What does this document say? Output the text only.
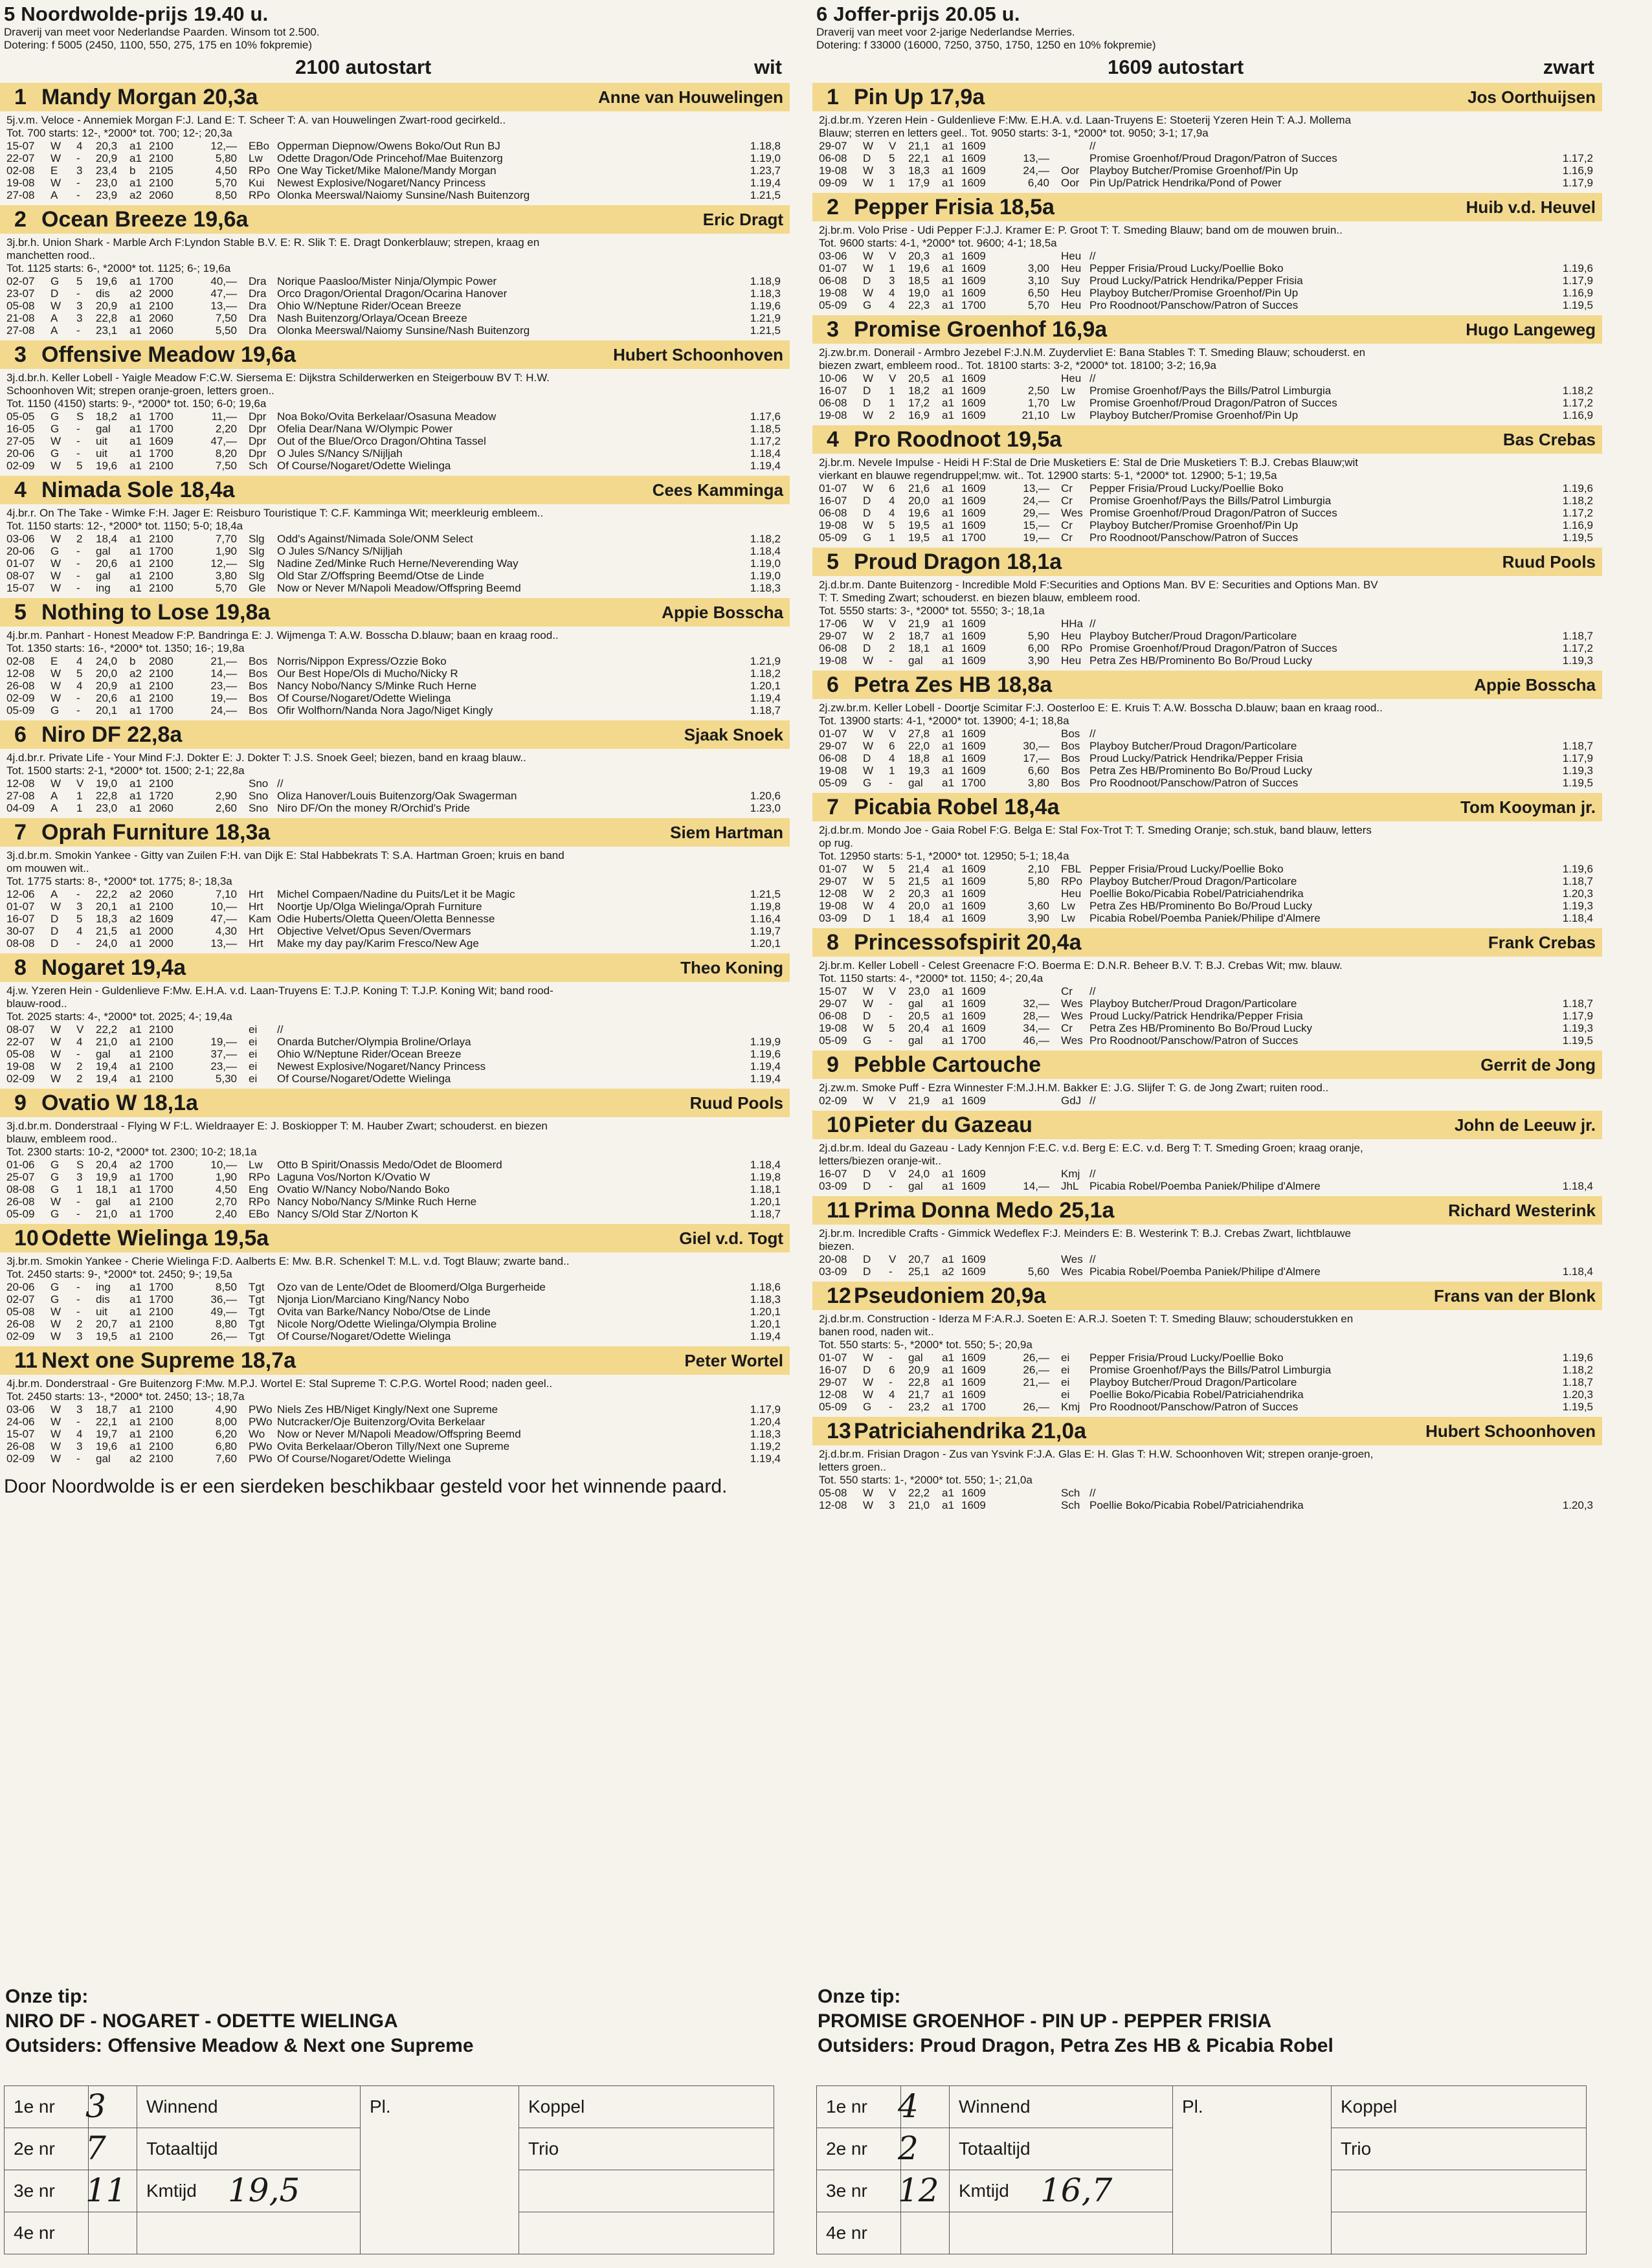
5 Noordwolde-prijs 19.40 u.
Draverij van meet voor Nederlandse Paarden. Winsom tot 2.500.
Dotering: f 5005 (2450, 1100, 550, 275, 175 en 10% fokpremie)
2100 autostart	wit
1 Mandy Morgan 20,3a	Anne van Houwelingen
5j.v.m. Veloce - Annemiek Morgan F:J. Land E: T. Scheer T: A. van Houwelingen Zwart-rood gecirkeld..
Tot. 700 starts: 12-, *2000* tot. 700; 12-; 20,3a
15-07	W	4	20,3	a1	2100	12,—	EBo	Opperman Diepnow/Owens Boko/Out Run BJ	1.18,8
22-07	W	-	20,9	a1	2100	5,80	Lw	Odette Dragon/Ode Princehof/Mae Buitenzorg	1.19,0
02-08	E	3	23,4	b	2105	4,50	RPo	One Way Ticket/Mike Malone/Mandy Morgan	1.23,7
19-08	W	-	23,0	a1	2100	5,70	Kui	Newest Explosive/Nogaret/Nancy Princess	1.19,4
27-08	A	-	23,9	a2	2060	8,50	RPo	Olonka Meerswal/Naiomy Sunsine/Nash Buitenzorg	1.21,5
2 Ocean Breeze 19,6a	Eric Dragt
3j.br.h. Union Shark - Marble Arch F:Lyndon Stable B.V. E: R. Slik T: E. Dragt Donkerblauw; strepen, kraag en
manchetten rood..
Tot. 1125 starts: 6-, *2000* tot. 1125; 6-; 19,6a
02-07	G	5	19,6	a1	1700	40,—	Dra	Norique Paasloo/Mister Ninja/Olympic Power	1.18,9
23-07	D	-	dis	a2	2000	47,—	Dra	Orco Dragon/Oriental Dragon/Ocarina Hanover	1.18,3
05-08	W	3	20,9	a1	2100	13,—	Dra	Ohio W/Neptune Rider/Ocean Breeze	1.19,6
21-08	A	3	22,8	a1	2060	7,50	Dra	Nash Buitenzorg/Orlaya/Ocean Breeze	1.21,9
27-08	A	-	23,1	a1	2060	5,50	Dra	Olonka Meerswal/Naiomy Sunsine/Nash Buitenzorg	1.21,5
3 Offensive Meadow 19,6a	Hubert Schoonhoven
3j.d.br.h. Keller Lobell - Yaigle Meadow F:C.W. Siersema E: Dijkstra Schilderwerken en Steigerbouw BV T: H.W.
Schoonhoven Wit; strepen oranje-groen, letters groen..
Tot. 1150 (4150) starts: 9-, *2000* tot. 150; 6-0; 19,6a
05-05	G	S	18,2	a1	1700	11,—	Dpr	Noa Boko/Ovita Berkelaar/Osasuna Meadow	1.17,6
16-05	G	-	gal	a1	1700	2,20	Dpr	Ofelia Dear/Nana W/Olympic Power	1.18,5
27-05	W	-	uit	a1	1609	47,—	Dpr	Out of the Blue/Orco Dragon/Ohtina Tassel	1.17,2
20-06	G	-	uit	a1	1700	8,20	Dpr	O Jules S/Nancy S/Nijljah	1.18,4
02-09	W	5	19,6	a1	2100	7,50	Sch	Of Course/Nogaret/Odette Wielinga	1.19,4
4 Nimada Sole 18,4a	Cees Kamminga
4j.br.r. On The Take - Wimke F:H. Jager E: Reisburo Touristique T: C.F. Kamminga Wit; meerkleurig embleem..
Tot. 1150 starts: 12-, *2000* tot. 1150; 5-0; 18,4a
03-06	W	2	18,4	a1	2100	7,70	Slg	Odd's Against/Nimada Sole/ONM Select	1.18,2
20-06	G	-	gal	a1	1700	1,90	Slg	O Jules S/Nancy S/Nijljah	1.18,4
01-07	W	-	20,6	a1	2100	12,—	Slg	Nadine Zed/Minke Ruch Herne/Neverending Way	1.19,0
08-07	W	-	gal	a1	2100	3,80	Slg	Old Star Z/Offspring Beemd/Otse de Linde	1.19,0
15-07	W	-	ing	a1	2100	5,70	Gle	Now or Never M/Napoli Meadow/Offspring Beemd	1.18,3
5 Nothing to Lose 19,8a	Appie Bosscha
4j.br.m. Panhart - Honest Meadow F:P. Bandringa E: J. Wijmenga T: A.W. Bosscha D.blauw; baan en kraag rood..
Tot. 1350 starts: 16-, *2000* tot. 1350; 16-; 19,8a
02-08	E	4	24,0	b	2080	21,—	Bos	Norris/Nippon Express/Ozzie Boko	1.21,9
12-08	W	5	20,0	a2	2100	14,—	Bos	Our Best Hope/Ols di Mucho/Nicky R	1.18,2
26-08	W	4	20,9	a1	2100	23,—	Bos	Nancy Nobo/Nancy S/Minke Ruch Herne	1.20,1
02-09	W	-	20,6	a1	2100	19,—	Bos	Of Course/Nogaret/Odette Wielinga	1.19,4
05-09	G	-	20,1	a1	1700	24,—	Bos	Ofir Wolfhorn/Nanda Nora Jago/Niget Kingly	1.18,7
6 Niro DF 22,8a	Sjaak Snoek
4j.d.br.r. Private Life - Your Mind F:J. Dokter E: J. Dokter T: J.S. Snoek Geel; biezen, band en kraag blauw..
Tot. 1500 starts: 2-1, *2000* tot. 1500; 2-1; 22,8a
12-08	W	V	19,0	a1	2100		Sno	//	
27-08	A	1	22,8	a1	1720	2,90	Sno	Oliza Hanover/Louis Buitenzorg/Oak Swagerman	1.20,6
04-09	A	1	23,0	a1	2060	2,60	Sno	Niro DF/On the money R/Orchid's Pride	1.23,0
7 Oprah Furniture 18,3a	Siem Hartman
3j.d.br.m. Smokin Yankee - Gitty van Zuilen F:H. van Dijk E: Stal Habbekrats T: S.A. Hartman Groen; kruis en band
om mouwen wit..
Tot. 1775 starts: 8-, *2000* tot. 1775; 8-; 18,3a
12-06	A	-	22,2	a2	2060	7,10	Hrt	Michel Compaen/Nadine du Puits/Let it be Magic	1.21,5
01-07	W	3	20,1	a1	2100	10,—	Hrt	Noortje Up/Olga Wielinga/Oprah Furniture	1.19,8
16-07	D	5	18,3	a2	1609	47,—	Kam	Odie Huberts/Oletta Queen/Oletta Bennesse	1.16,4
30-07	D	4	21,5	a1	2000	4,30	Hrt	Objective Velvet/Opus Seven/Overmars	1.19,7
08-08	D	-	24,0	a1	2000	13,—	Hrt	Make my day pay/Karim Fresco/New Age	1.20,1
8 Nogaret 19,4a	Theo Koning
4j.w. Yzeren Hein - Guldenlieve F:Mw. E.H.A. v.d. Laan-Truyens E: T.J.P. Koning T: T.J.P. Koning Wit; band rood-
blauw-rood..
Tot. 2025 starts: 4-, *2000* tot. 2025; 4-; 19,4a
08-07	W	V	22,2	a1	2100		ei	//	
22-07	W	4	21,0	a1	2100	19,—	ei	Onarda Butcher/Olympia Broline/Orlaya	1.19,9
05-08	W	-	gal	a1	2100	37,—	ei	Ohio W/Neptune Rider/Ocean Breeze	1.19,6
19-08	W	2	19,4	a1	2100	23,—	ei	Newest Explosive/Nogaret/Nancy Princess	1.19,4
02-09	W	2	19,4	a1	2100	5,30	ei	Of Course/Nogaret/Odette Wielinga	1.19,4
9 Ovatio W 18,1a	Ruud Pools
3j.d.br.m. Donderstraal - Flying W F:L. Wieldraayer E: J. Boskiopper T: M. Hauber Zwart; schouderst. en biezen
blauw, embleem rood..
Tot. 2300 starts: 10-2, *2000* tot. 2300; 10-2; 18,1a
01-06	G	S	20,4	a2	1700	10,—	Lw	Otto B Spirit/Onassis Medo/Odet de Bloomerd	1.18,4
25-07	G	3	19,9	a1	1700	1,90	RPo	Laguna Vos/Norton K/Ovatio W	1.19,8
08-08	G	1	18,1	a1	1700	4,50	Eng	Ovatio W/Nancy Nobo/Nando Boko	1.18,1
26-08	W	-	gal	a1	2100	2,70	RPo	Nancy Nobo/Nancy S/Minke Ruch Herne	1.20,1
05-09	G	-	21,0	a1	1700	2,40	EBo	Nancy S/Old Star Z/Norton K	1.18,7
10 Odette Wielinga 19,5a	Giel v.d. Togt
3j.br.m. Smokin Yankee - Cherie Wielinga F:D. Aalberts E: Mw. B.R. Schenkel T: M.L. v.d. Togt Blauw; zwarte band..
Tot. 2450 starts: 9-, *2000* tot. 2450; 9-; 19,5a
20-06	G	-	ing	a1	1700	8,50	Tgt	Ozo van de Lente/Odet de Bloomerd/Olga Burgerheide	1.18,6
02-07	G	-	dis	a1	1700	36,—	Tgt	Njonja Lion/Marciano King/Nancy Nobo	1.18,3
05-08	W	-	uit	a1	2100	49,—	Tgt	Ovita van Barke/Nancy Nobo/Otse de Linde	1.20,1
26-08	W	2	20,7	a1	2100	8,80	Tgt	Nicole Norg/Odette Wielinga/Olympia Broline	1.20,1
02-09	W	3	19,5	a1	2100	26,—	Tgt	Of Course/Nogaret/Odette Wielinga	1.19,4
11 Next one Supreme 18,7a	Peter Wortel
4j.br.m. Donderstraal - Gre Buitenzorg F:Mw. M.P.J. Wortel E: Stal Supreme T: C.P.G. Wortel Rood; naden geel..
Tot. 2450 starts: 13-, *2000* tot. 2450; 13-; 18,7a
03-06	W	3	18,7	a1	2100	4,90	PWo	Niels Zes HB/Niget Kingly/Next one Supreme	1.17,9
24-06	W	-	22,1	a1	2100	8,00	PWo	Nutcracker/Oje Buitenzorg/Ovita Berkelaar	1.20,4
15-07	W	4	19,7	a1	2100	6,20	Wo	Now or Never M/Napoli Meadow/Offspring Beemd	1.18,3
26-08	W	3	19,6	a1	2100	6,80	PWo	Ovita Berkelaar/Oberon Tilly/Next one Supreme	1.19,2
02-09	W	-	gal	a2	2100	7,60	PWo	Of Course/Nogaret/Odette Wielinga	1.19,4
Door Noordwolde is er een sierdeken beschikbaar gesteld voor het winnende paard.
Onze tip:
NIRO DF - NOGARET - ODETTE WIELINGA
Outsiders: Offensive Meadow & Next one Supreme
1e nr 3		Winnend	Pl.	Koppel
2e nr 7		Totaaltijd		Trio
3e nr 11		Kmtijd 19,5		

4e nr	

6 Joffer-prijs 20.05 u.
Draverij van meet voor 2-jarige Nederlandse Merries.
Dotering: f 33000 (16000, 7250, 3750, 1750, 1250 en 10% fokpremie)
1609 autostart	zwart
1 Pin Up 17,9a	Jos Oorthuijsen
2j.d.br.m. Yzeren Hein - Guldenlieve F:Mw. E.H.A. v.d. Laan-Truyens E: Stoeterij Yzeren Hein T: A.J. Mollema
Blauw; sterren en letters geel.. Tot. 9050 starts: 3-1, *2000* tot. 9050; 3-1; 17,9a
29-07	W	V	21,1	a1	1609			//	
06-08	D	5	22,1	a1	1609	13,—		Promise Groenhof/Proud Dragon/Patron of Succes	1.17,2
19-08	W	3	18,3	a1	1609	24,—	Oor	Playboy Butcher/Promise Groenhof/Pin Up	1.16,9
09-09	W	1	17,9	a1	1609	6,40	Oor	Pin Up/Patrick Hendrika/Pond of Power	1.17,9
2 Pepper Frisia 18,5a	Huib v.d. Heuvel
2j.br.m. Volo Prise - Udi Pepper F:J.J. Kramer E: P. Groot T: T. Smeding Blauw; band om de mouwen bruin..
Tot. 9600 starts: 4-1, *2000* tot. 9600; 4-1; 18,5a
03-06	W	V	20,3	a1	1609		Heu	//	
01-07	W	1	19,6	a1	1609	3,00	Heu	Pepper Frisia/Proud Lucky/Poellie Boko	1.19,6
06-08	D	3	18,5	a1	1609	3,10	Suy	Proud Lucky/Patrick Hendrika/Pepper Frisia	1.17,9
19-08	W	4	19,0	a1	1609	6,50	Heu	Playboy Butcher/Promise Groenhof/Pin Up	1.16,9
05-09	G	4	22,3	a1	1700	5,70	Heu	Pro Roodnoot/Panschow/Patron of Succes	1.19,5
3 Promise Groenhof 16,9a	Hugo Langeweg
2j.zw.br.m. Donerail - Armbro Jezebel F:J.N.M. Zuydervliet E: Bana Stables T: T. Smeding Blauw; schouderst. en
biezen zwart, embleem rood.. Tot. 18100 starts: 3-2, *2000* tot. 18100; 3-2; 16,9a
10-06	W	V	20,5	a1	1609		Heu	//	
16-07	D	1	18,2	a1	1609	2,50	Lw	Promise Groenhof/Pays the Bills/Patrol Limburgia	1.18,2
06-08	D	1	17,2	a1	1609	1,70	Lw	Promise Groenhof/Proud Dragon/Patron of Succes	1.17,2
19-08	W	2	16,9	a1	1609	21,10	Lw	Playboy Butcher/Promise Groenhof/Pin Up	1.16,9
4 Pro Roodnoot 19,5a	Bas Crebas
2j.br.m. Nevele Impulse - Heidi H F:Stal de Drie Musketiers E: Stal de Drie Musketiers T: B.J. Crebas Blauw;wit
vierkant en blauwe regendruppel;mw. wit.. Tot. 12900 starts: 5-1, *2000* tot. 12900; 5-1; 19,5a
01-07	W	6	21,6	a1	1609	13,—	Cr	Pepper Frisia/Proud Lucky/Poellie Boko	1.19,6
16-07	D	4	20,0	a1	1609	24,—	Cr	Promise Groenhof/Pays the Bills/Patrol Limburgia	1.18,2
06-08	D	4	19,6	a1	1609	29,—	Wes	Promise Groenhof/Proud Dragon/Patron of Succes	1.17,2
19-08	W	5	19,5	a1	1609	15,—	Cr	Playboy Butcher/Promise Groenhof/Pin Up	1.16,9
05-09	G	1	19,5	a1	1700	19,—	Cr	Pro Roodnoot/Panschow/Patron of Succes	1.19,5
5 Proud Dragon 18,1a	Ruud Pools
2j.d.br.m. Dante Buitenzorg - Incredible Mold F:Securities and Options Man. BV E: Securities and Options Man. BV
T: T. Smeding Zwart; schouderst. en biezen blauw, embleem rood.
Tot. 5550 starts: 3-, *2000* tot. 5550; 3-; 18,1a
17-06	W	V	21,9	a1	1609		HHa	//	
29-07	W	2	18,7	a1	1609	5,90	Heu	Playboy Butcher/Proud Dragon/Particolare	1.18,7
06-08	D	2	18,1	a1	1609	6,00	RPo	Promise Groenhof/Proud Dragon/Patron of Succes	1.17,2
19-08	W	-	gal	a1	1609	3,90	Heu	Petra Zes HB/Prominento Bo Bo/Proud Lucky	1.19,3
6 Petra Zes HB 18,8a	Appie Bosscha
2j.zw.br.m. Keller Lobell - Doortje Scimitar F:J. Oosterloo E: E. Kruis T: A.W. Bosscha D.blauw; baan en kraag rood..
Tot. 13900 starts: 4-1, *2000* tot. 13900; 4-1; 18,8a
01-07	W	V	27,8	a1	1609		Bos	//	
29-07	W	6	22,0	a1	1609	30,—	Bos	Playboy Butcher/Proud Dragon/Particolare	1.18,7
06-08	D	4	18,8	a1	1609	17,—	Bos	Proud Lucky/Patrick Hendrika/Pepper Frisia	1.17,9
19-08	W	1	19,3	a1	1609	6,60	Bos	Petra Zes HB/Prominento Bo Bo/Proud Lucky	1.19,3
05-09	G	-	gal	a1	1700	3,80	Bos	Pro Roodnoot/Panschow/Patron of Succes	1.19,5
7 Picabia Robel 18,4a	Tom Kooyman jr.
2j.d.br.m. Mondo Joe - Gaia Robel F:G. Belga E: Stal Fox-Trot T: T. Smeding Oranje; sch.stuk, band blauw, letters
op rug.
Tot. 12950 starts: 5-1, *2000* tot. 12950; 5-1; 18,4a
01-07	W	5	21,4	a1	1609	2,10	FBL	Pepper Frisia/Proud Lucky/Poellie Boko	1.19,6
29-07	W	5	21,5	a1	1609	5,80	RPo	Playboy Butcher/Proud Dragon/Particolare	1.18,7
12-08	W	2	20,3	a1	1609		Heu	Poellie Boko/Picabia Robel/Patriciahendrika	1.20,3
19-08	W	4	20,0	a1	1609	3,60	Lw	Petra Zes HB/Prominento Bo Bo/Proud Lucky	1.19,3
03-09	D	1	18,4	a1	1609	3,90	Lw	Picabia Robel/Poemba Paniek/Philipe d'Almere	1.18,4
8 Princessofspirit 20,4a	Frank Crebas
2j.br.m. Keller Lobell - Celest Greenacre F:O. Boerma E: D.N.R. Beheer B.V. T: B.J. Crebas Wit; mw. blauw.
Tot. 1150 starts: 4-, *2000* tot. 1150; 4-; 20,4a
15-07	W	V	23,0	a1	1609		Cr	//	
29-07	W	-	gal	a1	1609	32,—	Wes	Playboy Butcher/Proud Dragon/Particolare	1.18,7
06-08	D	-	20,5	a1	1609	28,—	Wes	Proud Lucky/Patrick Hendrika/Pepper Frisia	1.17,9
19-08	W	5	20,4	a1	1609	34,—	Cr	Petra Zes HB/Prominento Bo Bo/Proud Lucky	1.19,3
05-09	G	-	gal	a1	1700	46,—	Wes	Pro Roodnoot/Panschow/Patron of Succes	1.19,5
9 Pebble Cartouche	Gerrit de Jong
2j.zw.m. Smoke Puff - Ezra Winnester F:M.J.H.M. Bakker E: J.G. Slijfer T: G. de Jong Zwart; ruiten rood..
02-09	W	V	21,9	a1	1609		GdJ	//	
10 Pieter du Gazeau	John de Leeuw jr.
2j.d.br.m. Ideal du Gazeau - Lady Kennjon F:E.C. v.d. Berg E: E.C. v.d. Berg T: T. Smeding Groen; kraag oranje,
letters/biezen oranje-wit..
16-07	D	V	24,0	a1	1609		Kmj	//	
03-09	D	-	gal	a1	1609	14,—	JhL	Picabia Robel/Poemba Paniek/Philipe d'Almere	1.18,4
11 Prima Donna Medo 25,1a	Richard Westerink
2j.br.m. Incredible Crafts - Gimmick Wedeflex F:J. Meinders E: B. Westerink T: B.J. Crebas Zwart, lichtblauwe
biezen.
20-08	D	V	20,7	a1	1609		Wes	//	
03-09	D	-	25,1	a2	1609	5,60	Wes	Picabia Robel/Poemba Paniek/Philipe d'Almere	1.18,4
12 Pseudoniem 20,9a	Frans van der Blonk
2j.d.br.m. Construction - Iderza M F:A.R.J. Soeten E: A.R.J. Soeten T: T. Smeding Blauw; schouderstukken en
banen rood, naden wit..
Tot. 550 starts: 5-, *2000* tot. 550; 5-; 20,9a
01-07	W	-	gal	a1	1609	26,—	ei	Pepper Frisia/Proud Lucky/Poellie Boko	1.19,6
16-07	D	6	20,9	a1	1609	26,—	ei	Promise Groenhof/Pays the Bills/Patrol Limburgia	1.18,2
29-07	W	-	22,8	a1	1609	21,—	ei	Playboy Butcher/Proud Dragon/Particolare	1.18,7
12-08	W	4	21,7	a1	1609		ei	Poellie Boko/Picabia Robel/Patriciahendrika	1.20,3
05-09	G	-	23,2	a1	1700	26,—	Kmj	Pro Roodnoot/Panschow/Patron of Succes	1.19,5
13 Patriciahendrika 21,0a	Hubert Schoonhoven
2j.d.br.m. Frisian Dragon - Zus van Ysvink F:J.A. Glas E: H. Glas T: H.W. Schoonhoven Wit; strepen oranje-groen,
letters groen..
Tot. 550 starts: 1-, *2000* tot. 550; 1-; 21,0a
05-08	W	V	22,2	a1	1609		Sch	//	
12-08	W	3	21,0	a1	1609		Sch	Poellie Boko/Picabia Robel/Patriciahendrika	1.20,3
Onze tip:
PROMISE GROENHOF - PIN UP - PEPPER FRISIA
Outsiders: Proud Dragon, Petra Zes HB & Picabia Robel
1e nr 4		Winnend	Pl.	Koppel
2e nr 2		Totaaltijd		Trio
3e nr 12		Kmtijd 16,7		

4e nr	
